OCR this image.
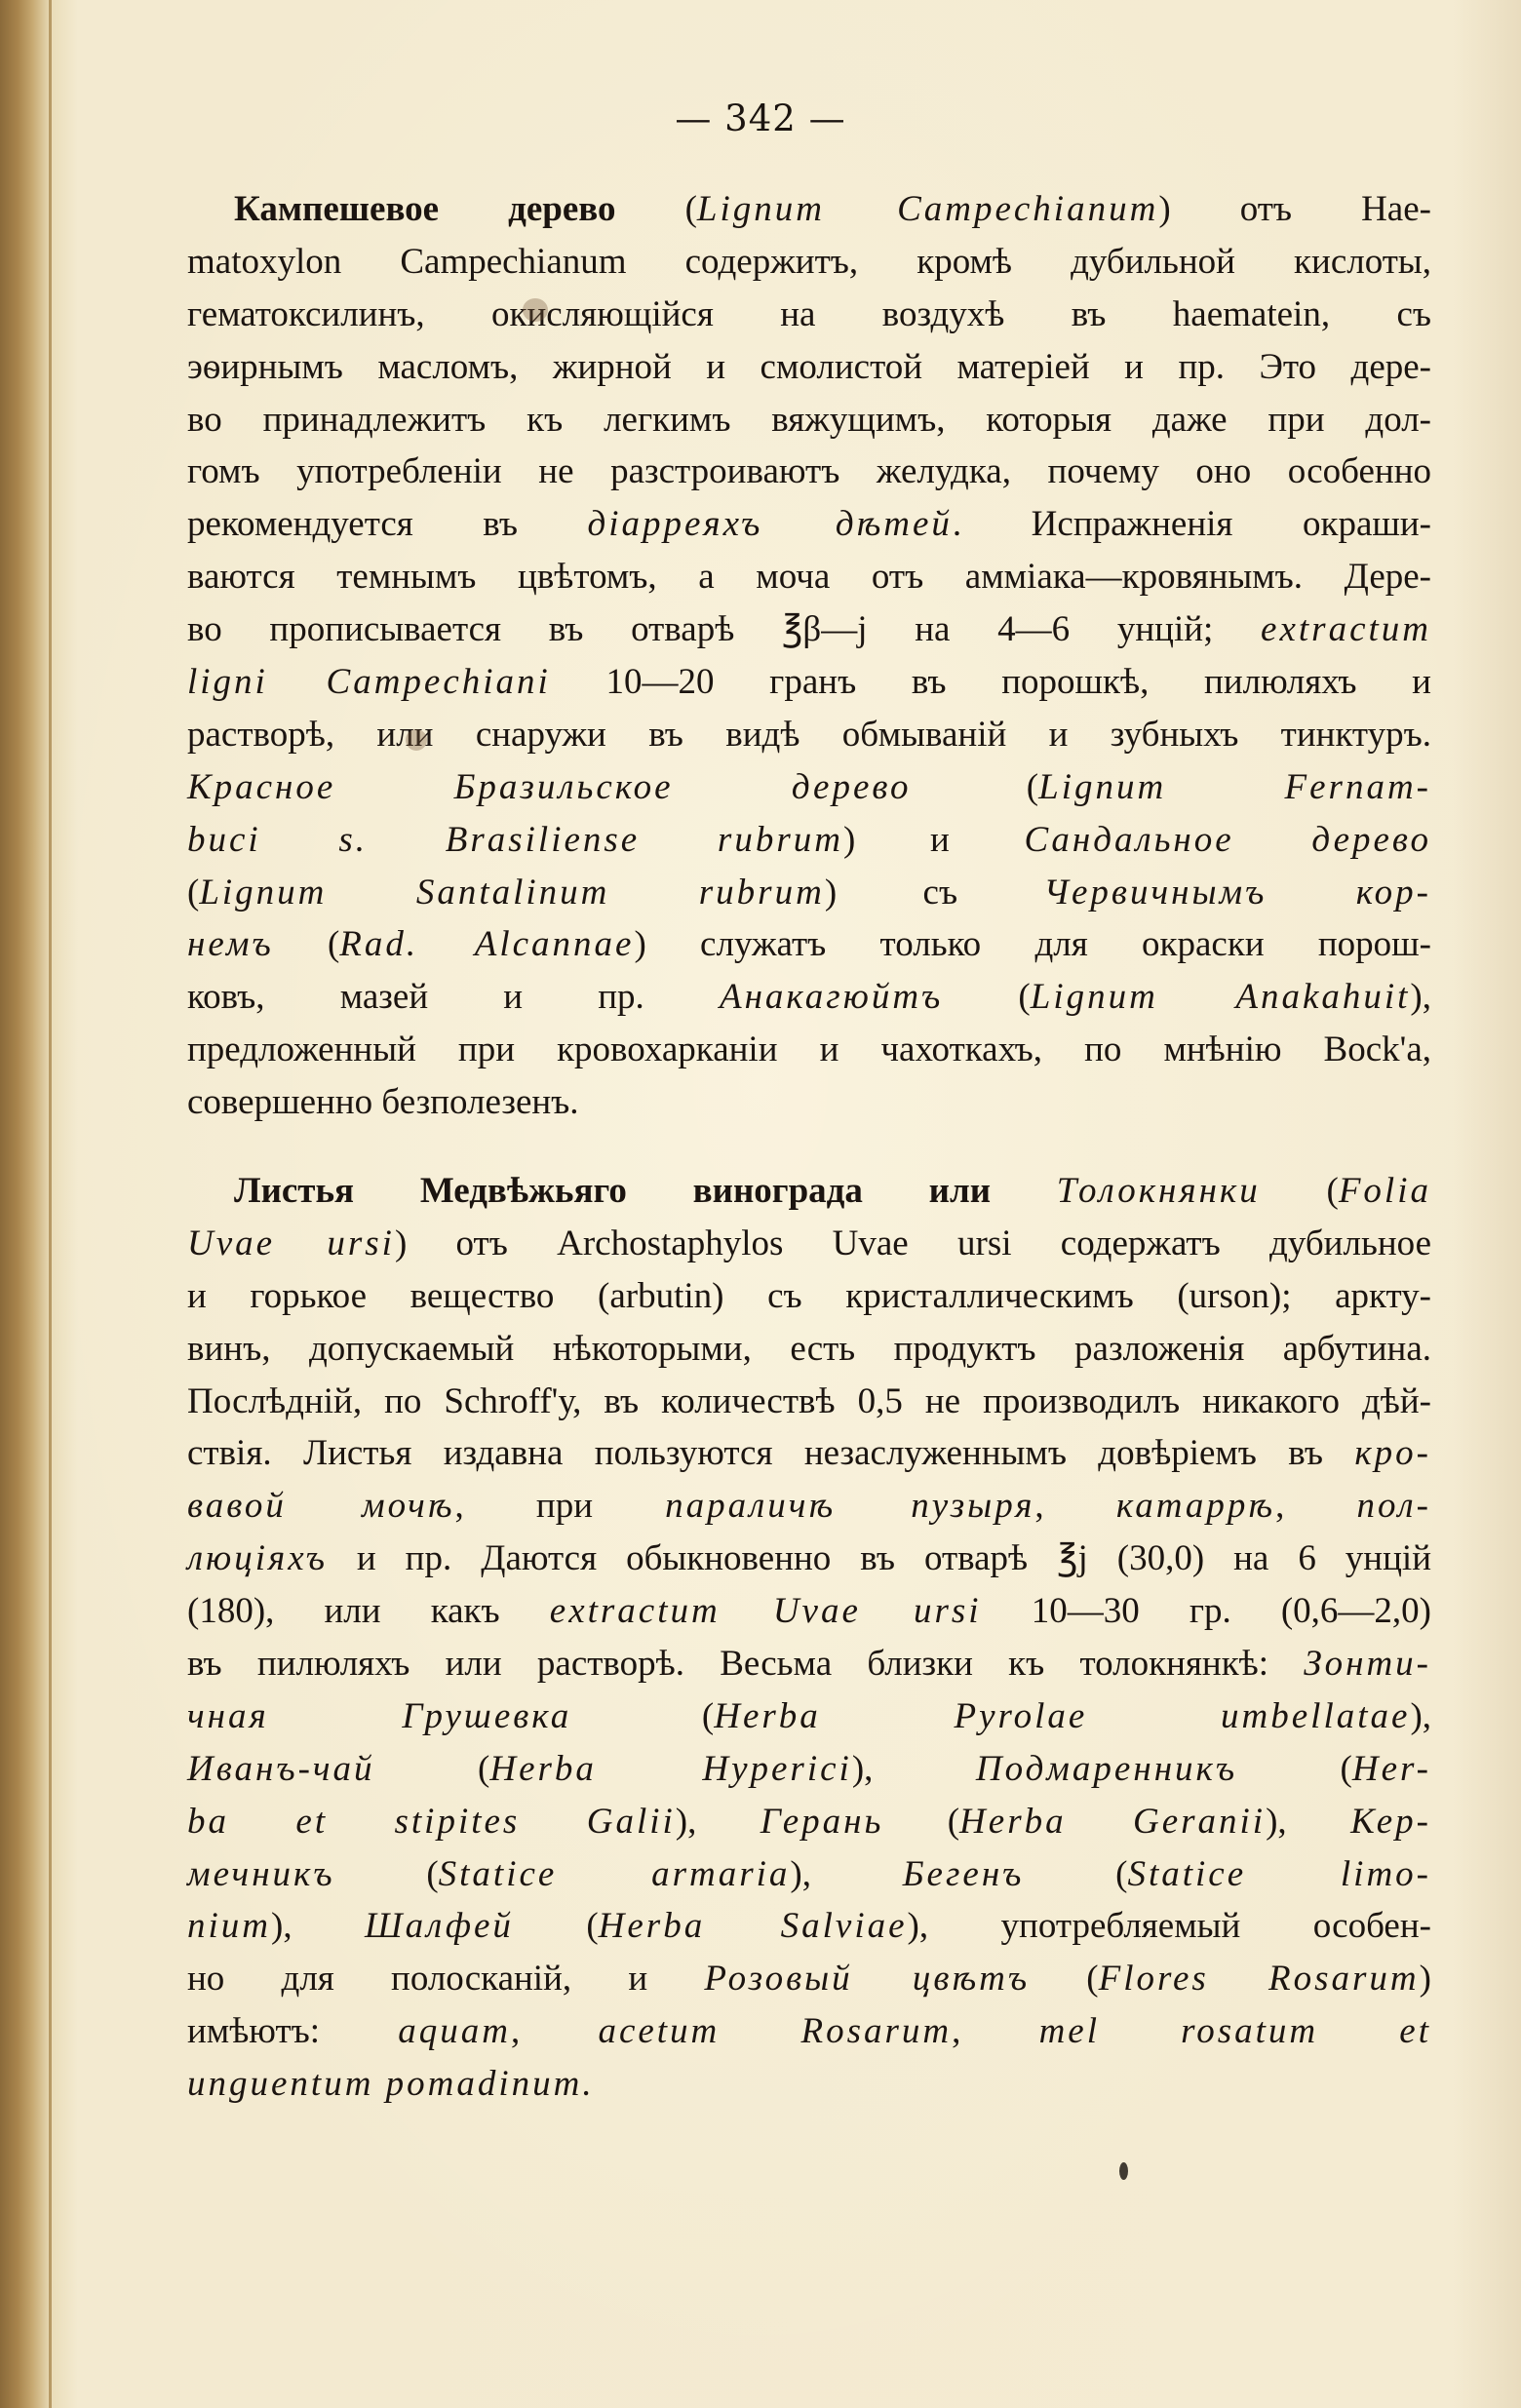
— 342 —
Кампешевое дерево (Lignum Campechianum) отъ Нае-
matoxylon Campechianum содержитъ, кромѣ дубильной кислоты,
гематоксилинъ, окисляющійся на воздухѣ въ haematein, съ
эѳирнымъ масломъ, жирной и смолистой матеріей и пр. Это дере-
во принадлежитъ къ легкимъ вяжущимъ, которыя даже при дол-
гомъ употребленіи не разстроиваютъ желудка, почему оно особенно
рекомендуется въ діарреяхъ дѣтей. Испражненія окраши-
ваются темнымъ цвѣтомъ, а моча отъ аммiака—кровянымъ. Дере-
во прописывается въ отварѣ ℥β—j на 4—6 унцій; extractum
ligni Campechiani 10—20 гранъ въ порошкѣ, пилюляхъ и
растворѣ, или снаружи въ видѣ обмываній и зубныхъ тинктуръ.
Красное Бразильское дерево (Lignum Fernam-
buci s. Brasiliense rubrum) и Сандальное дерево
(Lignum Santalinum rubrum) съ Червичнымъ кор-
немъ (Rad. Alcannae) служатъ только для окраски порош-
ковъ, мазей и пр. Анакагюйтъ (Lignum Anakahuit),
предложенный при кровохарканіи и чахоткахъ, по мнѣнію Bock'а,
совершенно безполезенъ.
Листья Медвѣжьяго винограда или Толокнянки (Folia
Uvae ursi) отъ Archostaphylos Uvae ursi содержатъ дубильное
и горькое вещество (arbutin) съ кристаллическимъ (urson); аркту-
винъ, допускаемый нѣкоторыми, есть продуктъ разложенія арбутина.
Послѣдній, по Schroff'у, въ количествѣ 0,5 не производилъ никакого дѣй-
ствія. Листья издавна пользуются незаслуженнымъ довѣріемъ въ кро-
вавой мочѣ, при параличѣ пузыря, катаррѣ, пол-
люціяхъ и пр. Даются обыкновенно въ отварѣ ℥j (30,0) на 6 унцій
(180), или какъ extractum Uvae ursi 10—30 гр. (0,6—2,0)
въ пилюляхъ или растворѣ. Весьма близки къ толокнянкѣ: Зонти-
чная Грушевка (Herba Pyrolae umbellatae),
Иванъ-чай (Herba Hyperici), Подмаренникъ (Her-
ba et stipites Galii), Герань (Herba Geranii), Кер-
мечникъ (Statice armaria), Бегенъ (Statice limo-
nium), Шалфей (Herba Salviae), употребляемый особен-
но для полосканій, и Розовый цвѣтъ (Flores Rosarum)
имѣютъ: aquam, acetum Rosarum, mel rosatum et
unguentum pomadinum.
